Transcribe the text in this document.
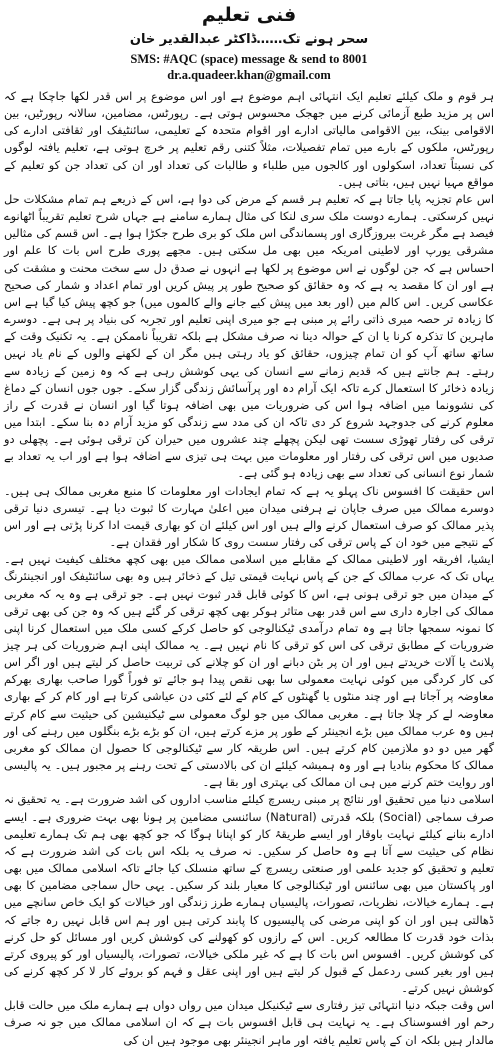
فنی تعلیم
سحر ہونے تک……ڈاکٹر عبدالقدیر خان
SMS: #AQC (space) message & send to 8001
dr.a.quadeer.khan@gmail.com

ہر قوم و ملک کیلئے تعلیم ایک انتہائی اہم موضوع ہے اور اس موضوع پر اس قدر لکھا جاچکا ہے کہ اس پر مزید طبع آزمائی کرنے میں جھجک محسوس ہوتی ہے۔ رپورٹس، مضامین، سالانہ رپورٹیں، بین الاقوامی بینک، بین الاقوامی مالیاتی ادارے اور اقوام متحدہ کے تعلیمی، سائنٹیفک اور ثقافتی ادارے کی رپورٹس، ملکوں کے بارے میں تمام تفصیلات، مثلاً کتنی رقم تعلیم پر خرچ ہوتی ہے، تعلیم یافتہ لوگوں کی نسبتاً تعداد، اسکولوں اور کالجوں میں طلباء و طالبات کی تعداد اور ان کی تعداد جن کو تعلیم کے مواقع مہیا نہیں ہیں، بتاتی ہیں۔

اس عام تجزیہ پایا جاتا ہے کہ تعلیم ہر قسم کے مرض کی دوا ہے، اس کے ذریعے ہم تمام مشکلات حل نہیں کرسکتی۔ ہمارے دوست ملک سری لنکا کی مثال ہمارے سامنے ہے جہاں شرح تعلیم تقریباً اٹھانوے فیصد ہے مگر غربت بیروزگاری اور پسماندگی اس ملک کو بری طرح جکڑا ہوا ہے۔ اس قسم کی مثالیں مشرقی یورپ اور لاطینی امریکہ میں بھی مل سکتی ہیں۔ مجھے پوری طرح اس بات کا علم اور احساس ہے کہ جن لوگوں نے اس موضوع پر لکھا ہے انہوں نے صدق دل سے سخت محنت و مشقت کی ہے اور ان کا مقصد یہ ہے کہ وہ حقائق کو صحیح طور پر پیش کریں اور تمام اعداد و شمار کی صحیح عکاسی کریں۔ اس کالم میں (اور بعد میں پیش کیے جانے والے کالموں میں) جو کچھ پیش کیا گیا ہے اس کا زیادہ تر حصہ میری ذاتی رائے پر مبنی ہے جو میری اپنی تعلیم اور تجربہ کی بنیاد پر ہی ہے۔ دوسرے ماہرین کا تذکرہ کرنا یا ان کے حوالہ دینا نہ صرف مشکل ہے بلکہ تقریباً ناممکن ہے۔ یہ تکنیک وقت کے ساتھ ساتھ آپ کو ان تمام چیزوں، حقائق کو یاد رہتی ہیں مگر ان کے لکھنے والوں کے نام یاد نہیں رہتے۔ ہم جانتے ہیں کہ قدیم زمانے سے انسان کی یہی کوشش رہی ہے کہ وہ زمین کے زیادہ سے زیادہ ذخائر کا استعمال کرے تاکہ ایک آرام دہ اور پرآسائش زندگی گزار سکے۔ جوں جوں انسان کے دماغ کی نشوونما میں اضافہ ہوا اس کی ضروریات میں بھی اضافہ ہوتا گیا اور انسان نے قدرت کے راز معلوم کرنے کی جدوجہد شروع کر دی تاکہ ان کی مدد سے زندگی کو مزید آرام دہ بنا سکے۔ ابتدا میں ترقی کی رفتار تھوڑی سست تھی لیکن پچھلے چند عشروں میں حیران کن ترقی ہوئی ہے۔ پچھلی دو صدیوں میں اس ترقی کی رفتار اور معلومات میں بہت ہی تیزی سے اضافہ ہوا ہے اور اب یہ تعداد بے شمار نوع انسانی کی تعداد سے بھی زیادہ ہو گئی ہے۔

اس حقیقت کا افسوس ناک پہلو یہ ہے کہ تمام ایجادات اور معلومات کا منبع مغربی ممالک ہی ہیں۔ دوسرے ممالک میں صرف جاپان نے ہرفنی میدان میں اعلیٰ مہارت کا ثبوت دیا ہے۔ تیسری دنیا ترقی پذیر ممالک کو صرف استعمال کرنے والے ہیں اور اس کیلئے ان کو بھاری قیمت ادا کرنا پڑتی ہے اور اس کے نتیجے میں خود ان کے پاس ترقی کی رفتار سست روی کا شکار اور فقدان ہے۔

ایشیا، افریقہ اور لاطینی ممالک کے مقابلے میں اسلامی ممالک میں بھی کچھ مختلف کیفیت نہیں ہے۔ یہاں تک کہ عرب ممالک کے جن کے پاس نہایت قیمتی تیل کے ذخائر ہیں وہ بھی سائنٹیفک اور انجینئرنگ کے میدان میں جو ترقی ہونی ہے، اس کا کوئی قابل قدر ثبوت نہیں ہے۔ جو ترقی ہے وہ یہ کہ مغربی ممالک کی اجارہ داری سے اس قدر بھی متاثر ہوکر بھی کچھ ترقی کر گئے ہیں کہ وہ جن کی بھی ترقی کا نمونہ سمجھا جاتا ہے وہ تمام درآمدی ٹیکنالوجی کو حاصل کرکے کسی ملک میں استعمال کرنا اپنی ضروریات کے مطابق ترقی کی اس کو ترقی کا نام نہیں ہے۔ یہ ممالک اپنی اہم ضروریات کی ہر چیز پلانٹ یا آلات خریدتے ہیں اور ان پر بٹن دبانے اور ان کو چلانے کی تربیت حاصل کر لیتے ہیں اور اگر اس کی کار کردگی میں کوئی نہایت معمولی سا بھی نقص پیدا ہو جائے تو فوراً گورا صاحب بھاری بھرکم معاوضہ پر آجاتا ہے اور چند منٹوں یا گھنٹوں کے کام کے لئے کئی دن عیاشی کرتا ہے اور کام کر کے بھاری معاوضہ لے کر چلا جاتا ہے۔ مغربی ممالک میں جو لوگ معمولی سے ٹیکنیشین کی حیثیت سے کام کرتے ہیں وہ عرب ممالک میں بڑے انجینئر کے طور پر مزے کرتے ہیں، ان کو بڑے بڑے بنگلوں میں رہنے کی اور گھر میں دو دو ملازمین کام کرتے ہیں۔ اس طریقہ کار سے ٹیکنالوجی کا حصول ان ممالک کو مغربی ممالک کا محکوم بنادیا ہے اور وہ ہمیشہ کیلئے ان کی بالادستی کے تحت رہنے پر مجبور ہیں۔ یہ پالیسی اور روایت ختم کرنے میں ہی ان ممالک کی بہتری اور بقا ہے۔

اسلامی دنیا میں تحقیق اور نتائج پر مبنی ریسرچ کیلئے مناسب اداروں کی اشد ضرورت ہے۔ یہ تحقیق نہ صرف سماجی (Social) بلکہ قدرتی (Natural) سائنسی مضامین پر ہونا بھی بہت ضروری ہے۔ ایسے ادارے بنانے کیلئے نہایت باوقار اور ایسے طریقۂ کار کو اپنانا ہوگا کہ جو کچھ بھی ہم تک ہمارے تعلیمی نظام کی حیثیت سے آتا ہے وہ حاصل کر سکیں۔ نہ صرف یہ بلکہ اس بات کی اشد ضرورت ہے کہ تعلیم و تحقیق کو جدید علمی اور صنعتی ریسرچ کے ساتھ منسلک کیا جائے تاکہ اسلامی ممالک میں بھی اور پاکستان میں بھی سائنس اور ٹیکنالوجی کا معیار بلند کر سکیں۔ یہی حال سماجی مضامین کا بھی ہے۔ ہمارے خیالات، نظریات، تصورات، پالیسیاں ہمارے طرز زندگی اور خیالات کو ایک خاص سانچے میں ڈھالتی ہیں اور ان کو اپنی مرضی کی پالیسیوں کا پابند کرتی ہیں اور ہم اس قابل نہیں رہ جاتے کہ بذات خود قدرت کا مطالعہ کریں۔ اس کے رازوں کو کھولنے کی کوشش کریں اور مسائل کو حل کرنے کی کوشش کریں۔ افسوس اس بات کا ہے کہ غیر ملکی خیالات، تصورات، پالیسیاں اور کو پیروی کرتے ہیں اور بغیر کسی ردعمل کے قبول کر لیتے ہیں اور اپنی عقل و فہم کو بروئے کار لا کر کچھ کرنے کی کوشش نہیں کرتے۔

اس وقت جبکہ دنیا انتہائی تیز رفتاری سے ٹیکنیکل میدان میں رواں دواں ہے ہمارے ملک میں حالت قابل رحم اور افسوسناک ہے۔ یہ نہایت ہی قابل افسوس بات ہے کہ ان اسلامی ممالک میں جو نہ صرف مالدار ہیں بلکہ ان کے پاس تعلیم یافتہ اور ماہر انجینئر بھی موجود ہیں ان کی
